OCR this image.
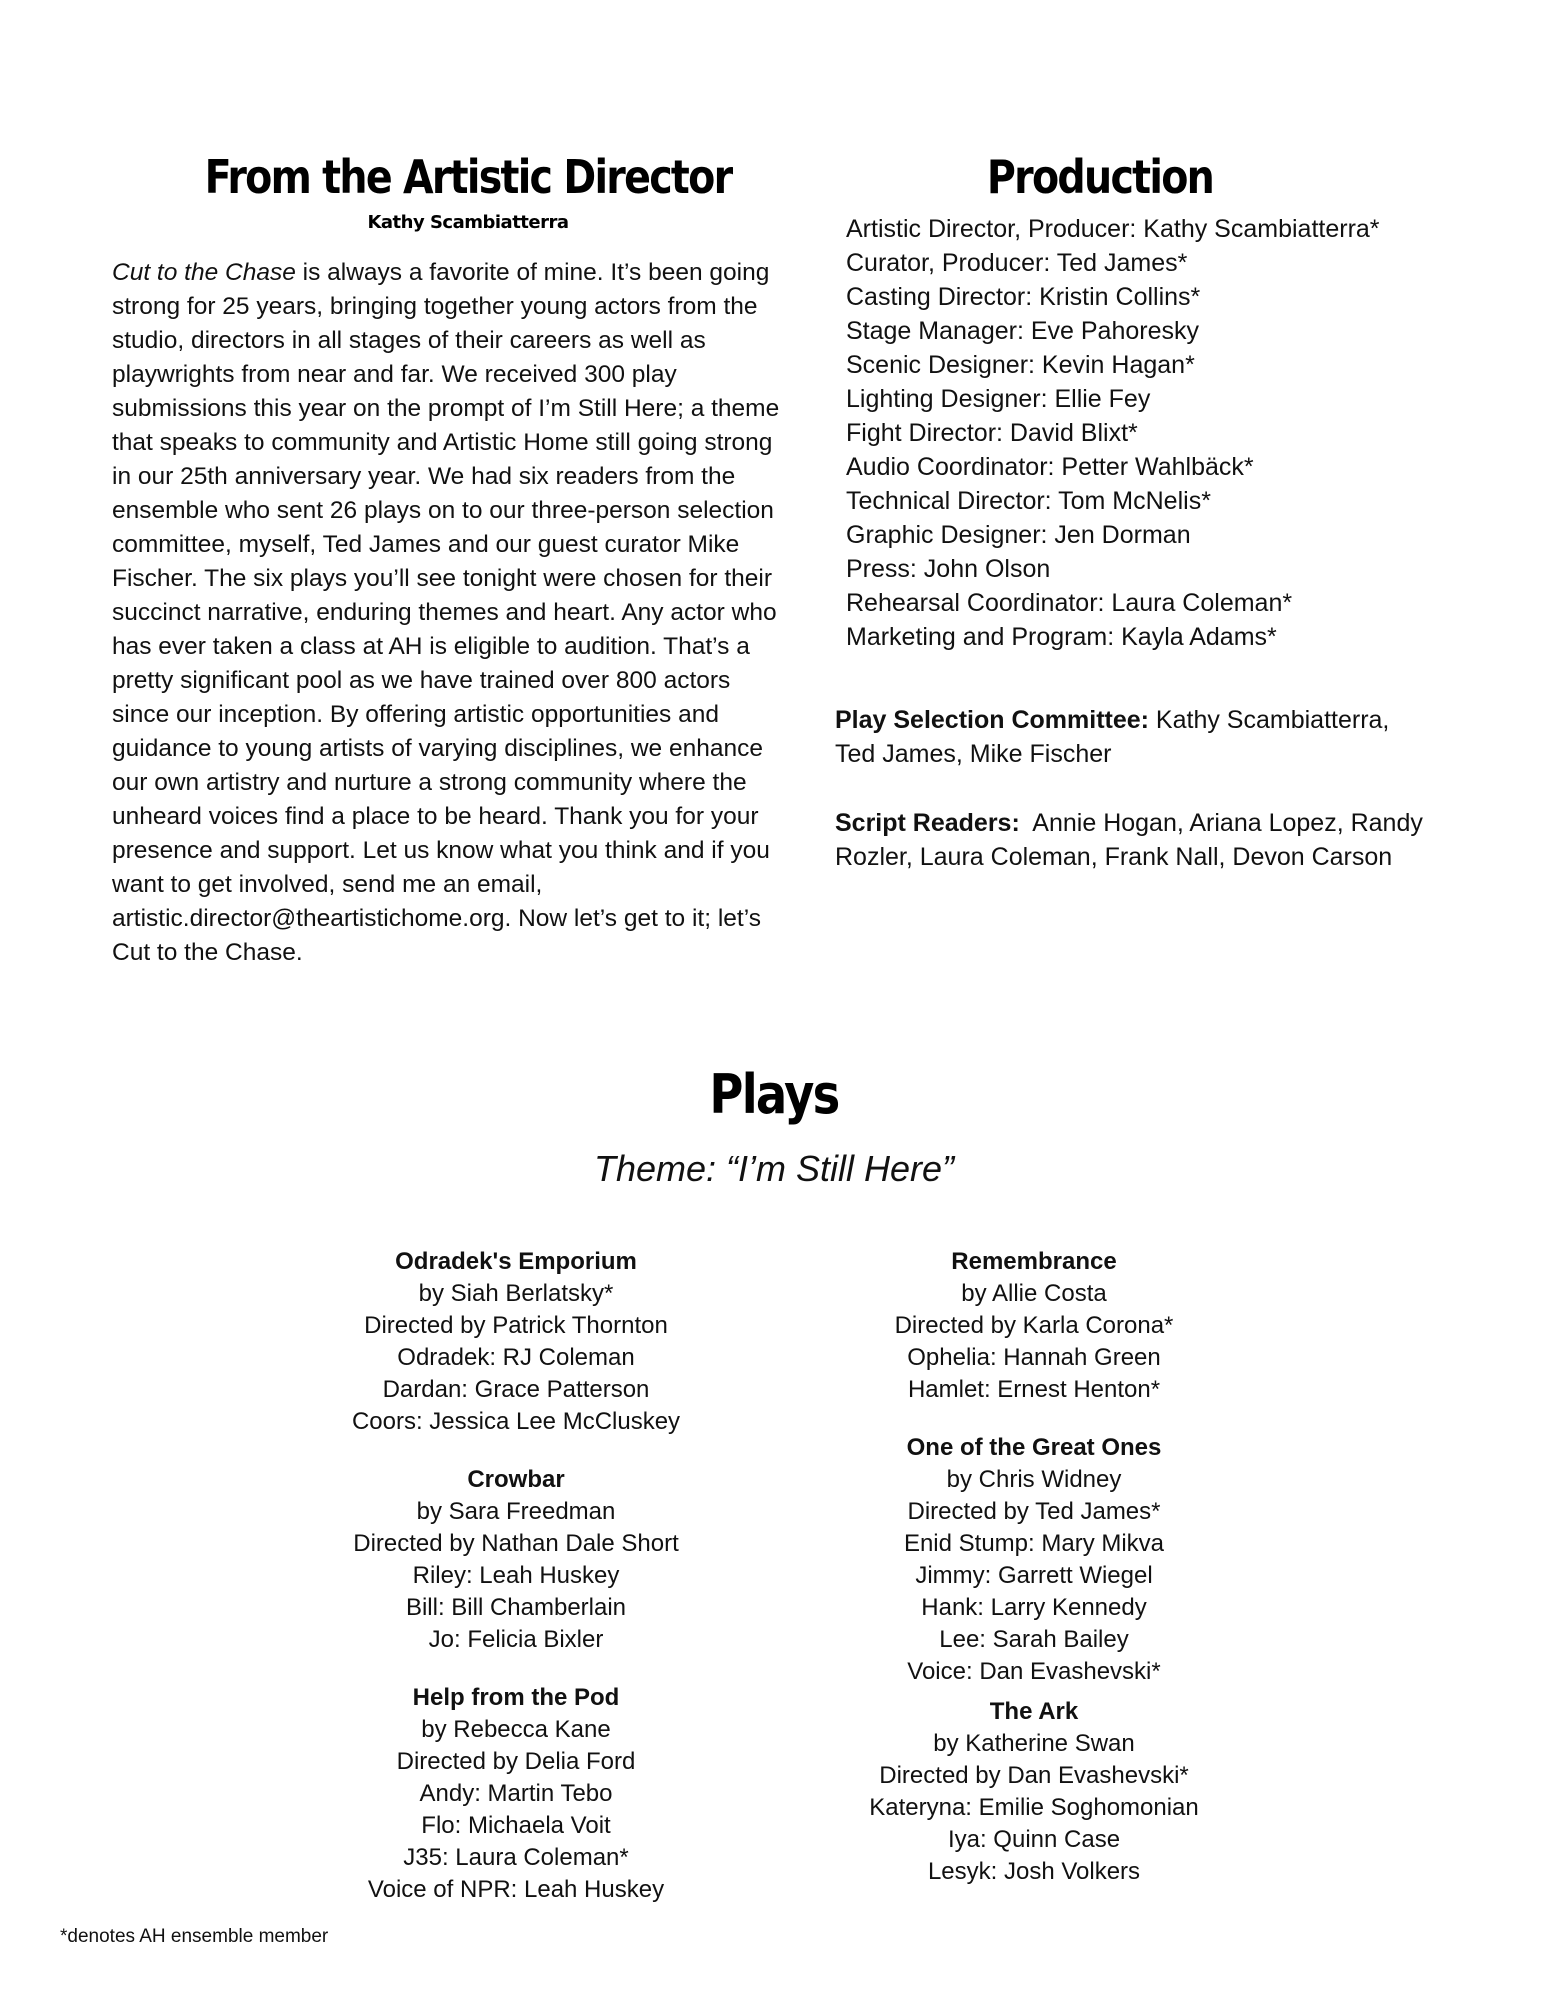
From the Artistic Director
Kathy Scambiatterra

Cut to the Chase is always a favorite of mine. It’s been going strong for 25 years, bringing together young actors from the studio, directors in all stages of their careers as well as playwrights from near and far. We received 300 play submissions this year on the prompt of I’m Still Here; a theme that speaks to community and Artistic Home still going strong in our 25th anniversary year. We had six readers from the ensemble who sent 26 plays on to our three-person selection committee, myself, Ted James and our guest curator Mike Fischer. The six plays you’ll see tonight were chosen for their succinct narrative, enduring themes and heart. Any actor who has ever taken a class at AH is eligible to audition. That’s a pretty significant pool as we have trained over 800 actors since our inception. By offering artistic opportunities and guidance to young artists of varying disciplines, we enhance our own artistry and nurture a strong community where the unheard voices find a place to be heard. Thank you for your presence and support. Let us know what you think and if you want to get involved, send me an email, artistic.director@theartistichome.org. Now let’s get to it; let’s Cut to the Chase.

Production
Artistic Director, Producer: Kathy Scambiatterra*
Curator, Producer: Ted James*
Casting Director: Kristin Collins*
Stage Manager: Eve Pahoresky
Scenic Designer: Kevin Hagan*
Lighting Designer: Ellie Fey
Fight Director: David Blixt*
Audio Coordinator: Petter Wahlbäck*
Technical Director: Tom McNelis*
Graphic Designer: Jen Dorman
Press: John Olson
Rehearsal Coordinator: Laura Coleman*
Marketing and Program: Kayla Adams*

Play Selection Committee: Kathy Scambiatterra, Ted James, Mike Fischer

Script Readers:  Annie Hogan, Ariana Lopez, Randy Rozler, Laura Coleman, Frank Nall, Devon Carson

Plays

Theme: “I’m Still Here”

Odradek's Emporium
by Siah Berlatsky*
Directed by Patrick Thornton
Odradek: RJ Coleman
Dardan: Grace Patterson
Coors: Jessica Lee McCluskey
Crowbar
by Sara Freedman
Directed by Nathan Dale Short
Riley: Leah Huskey
Bill: Bill Chamberlain
Jo: Felicia Bixler
Help from the Pod
by Rebecca Kane
Directed by Delia Ford
Andy: Martin Tebo
Flo: Michaela Voit
J35: Laura Coleman*
Voice of NPR: Leah Huskey
Remembrance
by Allie Costa
Directed by Karla Corona*
Ophelia: Hannah Green
Hamlet: Ernest Henton*
One of the Great Ones
by Chris Widney
Directed by Ted James*
Enid Stump: Mary Mikva
Jimmy: Garrett Wiegel
Hank: Larry Kennedy
Lee: Sarah Bailey
Voice: Dan Evashevski*
The Ark
by Katherine Swan
Directed by Dan Evashevski*
Kateryna: Emilie Soghomonian
Iya: Quinn Case
Lesyk: Josh Volkers

*denotes AH ensemble member
